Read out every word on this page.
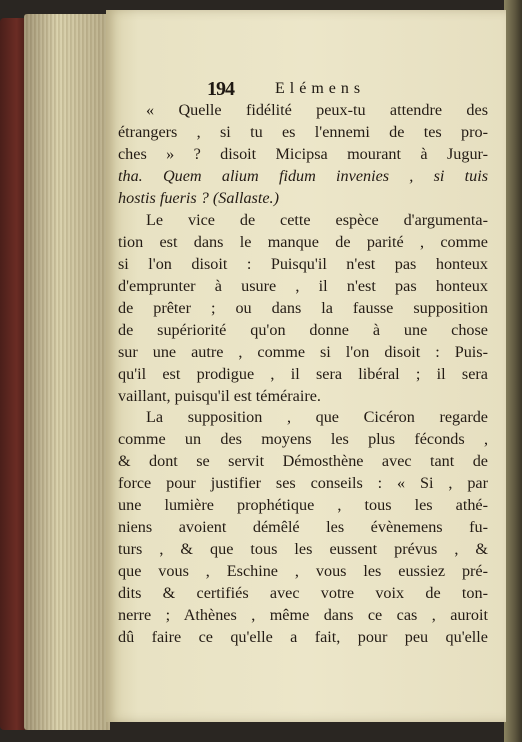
194	Elémens
« Quelle fidélité peux-tu attendre des
étrangers , si tu es l'ennemi de tes pro-
ches » ? disoit Micipsa mourant à Jugur-
tha. Quem alium fidum invenies , si tuis
hostis fueris ? (Sallaste.)
Le vice de cette espèce d'argumenta-
tion est dans le manque de parité , comme
si l'on disoit : Puisqu'il n'est pas honteux
d'emprunter à usure , il n'est pas honteux
de prêter ; ou dans la fausse supposition
de supériorité qu'on donne à une chose
sur une autre , comme si l'on disoit : Puis-
qu'il est prodigue , il sera libéral ; il sera
vaillant, puisqu'il est téméraire.
La supposition , que Cicéron regarde
comme un des moyens les plus féconds ,
& dont se servit Démosthène avec tant de
force pour justifier ses conseils : « Si , par
une lumière prophétique , tous les athé-
niens avoient démêlé les évènemens fu-
turs , & que tous les eussent prévus , &
que vous , Eschine , vous les eussiez pré-
dits & certifiés avec votre voix de ton-
nerre ; Athènes , même dans ce cas , auroit
dû faire ce qu'elle a fait, pour peu qu'elle
